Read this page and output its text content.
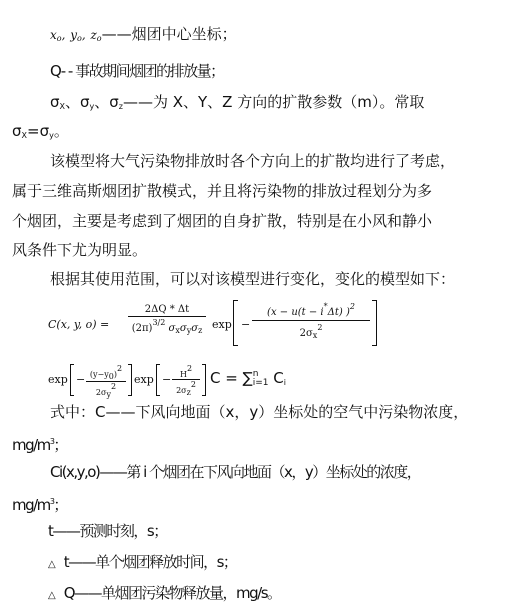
$x_o$, $y_o$, $z_o——$烟团中心坐标；
Q- - 事故期间烟团的排放量；
$\sigma_X$、$\sigma_y$、$\sigma_z——$为 X、Y、Z 方向的扩散参数（m）。常取
$\sigma_X=\sigma_y$。
该模型将大气污染物排放时各个方向上的扩散均进行了考虑，
属于三维高斯烟团扩散模式，并且将污染物的排放过程划分为多
个烟团，主要是考虑到了烟团的自身扩散，特别是在小风和静小
风条件下尤为明显。
根据其使用范围，可以对该模型进行变化，变化的模型如下：
C(x, y, o) =
2ΔQ * Δt
$(2\pi)^{3/2}$ $\sigma_x\sigma_y\sigma_z$ exp −
(x − u(t − i*Δt) )$^2$
$2\sigma_x^2$
$\exp - (y-y_0)^2$
$2\sigma_y^2$
exp −	$H^2$
$2\sigma_z^2$ C = ∑ n
i=1 $C_i$
式中：C——下风向地面（x，y）坐标处的空气中污染物浓度，
$mg/m^3$；
Ci(x,y,o)——第 i 个烟团在下风向地面（x，y）坐标处的浓度，
$mg/m^3$；
t——预测时刻，s；
△ t——单个烟团释放时间，s；
△ Q——单烟团污染物释放量，mg/s。
